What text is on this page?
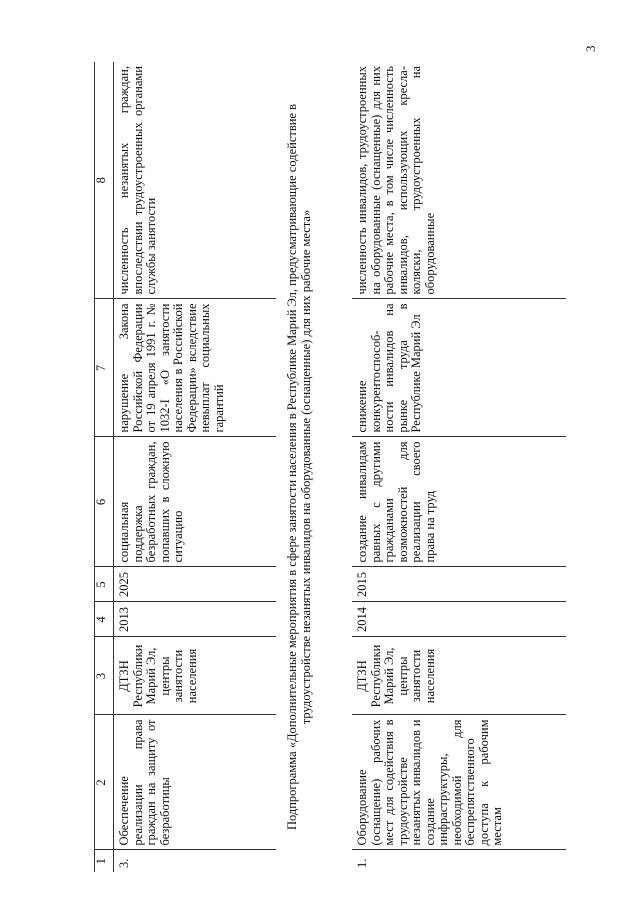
3
1	2	3	4	5	6	7	8
3.	Обеспечение реализации права граждан на защиту от безработицы	ДТЗН Республики Марий Эл, центры занятости населения	2013	2025	социальная поддержка безработных граждан, попавших в сложную ситуацию	нарушение Закона Российской Федерации от 19 апреля 1991 г. № 1032-I «О занятости населения в Российской Федерации» вследствие невыплат социальных гарантий	численность незанятых граждан, впоследствии трудоустроенных органами службы занятости
Подпрограмма «Дополнительные мероприятия в сфере занятости населения в Республике Марий Эл, предусматривающие содействие в трудоустройстве незанятых инвалидов на оборудованные (оснащенные) для них рабочие места»							
1.	Оборудование (оснащение) рабочих мест для содействия в трудоустройстве незанятых инвалидов и создание инфраструктуры, необходимой для беспрепятственного доступа к рабочим местам	ДТЗН Республики Марий Эл, центры занятости населения	2014	2015	создание инвалидам равных с другими гражданами возможностей для реализации своего права на труд	снижение конкурентоспособ- ности инвалидов на рынке труда в Республике Марий Эл	численность инвалидов, трудоустроенных на оборудованные (оснащенные) для них рабочие места, в том числе численность инвалидов, использующих кресла-коляски, трудоустроенных на оборудованные
